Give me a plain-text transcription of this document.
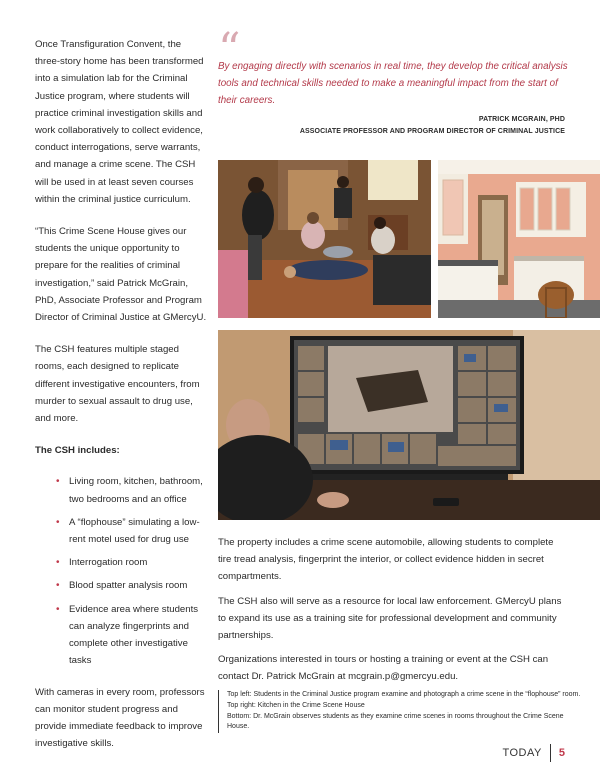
Once Transfiguration Convent, the three-story home has been transformed into a simulation lab for the Criminal Justice program, where students will practice criminal investigation skills and work collaboratively to collect evidence, conduct interrogations, serve warrants, and manage a crime scene. The CSH will be used in at least seven courses within the criminal justice curriculum.

“This Crime Scene House gives our students the unique opportunity to prepare for the realities of criminal investigation,” said Patrick McGrain, PhD, Associate Professor and Program Director of Criminal Justice at GMercyU.

The CSH features multiple staged rooms, each designed to replicate different investigative encounters, from murder to sexual assault to drug use, and more.

The CSH includes:
• Living room, kitchen, bathroom, two bedrooms and an office
• A “flophouse” simulating a low-rent motel used for drug use
• Interrogation room
• Blood spatter analysis room
• Evidence area where students can analyze fingerprints and complete other investigative tasks

With cameras in every room, professors can monitor student progress and provide immediate feedback to improve investigative skills.

“

By engaging directly with scenarios in real time, they develop the critical analysis tools and technical skills needed to make a meaningful impact from the start of their careers.

PATRICK MCGRAIN, PHD
ASSOCIATE PROFESSOR AND PROGRAM DIRECTOR OF CRIMINAL JUSTICE

The property includes a crime scene automobile, allowing students to complete tire tread analysis, fingerprint the interior, or collect evidence hidden in secret compartments.

The CSH also will serve as a resource for local law enforcement. GMercyU plans to expand its use as a training site for professional development and community partnerships.

Organizations interested in tours or hosting a training or event at the CSH can contact Dr. Patrick McGrain at mcgrain.p@gmercyu.edu.

Top left: Students in the Criminal Justice program examine and photograph a crime scene in the “flophouse” room.
Top right: Kitchen in the Crime Scene House
Bottom: Dr. McGrain observes students as they examine crime scenes in rooms throughout the Crime Scene House.
TODAY 5
